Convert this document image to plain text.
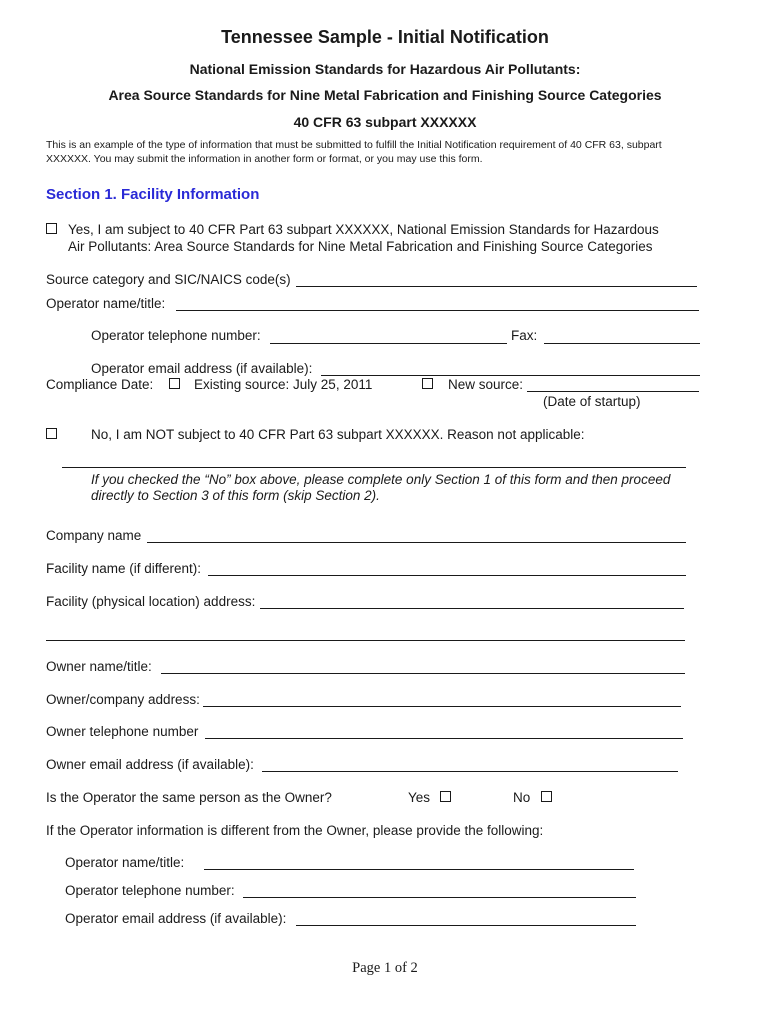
Tennessee Sample - Initial Notification
National Emission Standards for Hazardous Air Pollutants:
Area Source Standards for Nine Metal Fabrication and Finishing Source Categories
40 CFR 63 subpart XXXXXX
This is an example of the type of information that must be submitted to fulfill the Initial Notification requirement of 40 CFR 63, subpart
XXXXXX. You may submit the information in another form or format, or you may use this form.
Section 1. Facility Information
Yes, I am subject to 40 CFR Part 63 subpart XXXXXX, National Emission Standards for Hazardous
Air Pollutants: Area Source Standards for Nine Metal Fabrication and Finishing Source Categories
Source category and SIC/NAICS code(s)
Operator name/title:
Operator telephone number:	Fax:
Operator email address (if available):
Compliance Date:	Existing source: July 25, 2011	New source:
(Date of startup)
No, I am NOT subject to 40 CFR Part 63 subpart XXXXXX. Reason not applicable:
If you checked the “No” box above, please complete only Section 1 of this form and then proceed
directly to Section 3 of this form (skip Section 2).
Company name
Facility name (if different):
Facility (physical location) address:
Owner name/title:
Owner/company address:
Owner telephone number
Owner email address (if available):
Is the Operator the same person as the Owner?	Yes	No
If the Operator information is different from the Owner, please provide the following:
Operator name/title:
Operator telephone number:
Operator email address (if available):
Page 1 of 2
